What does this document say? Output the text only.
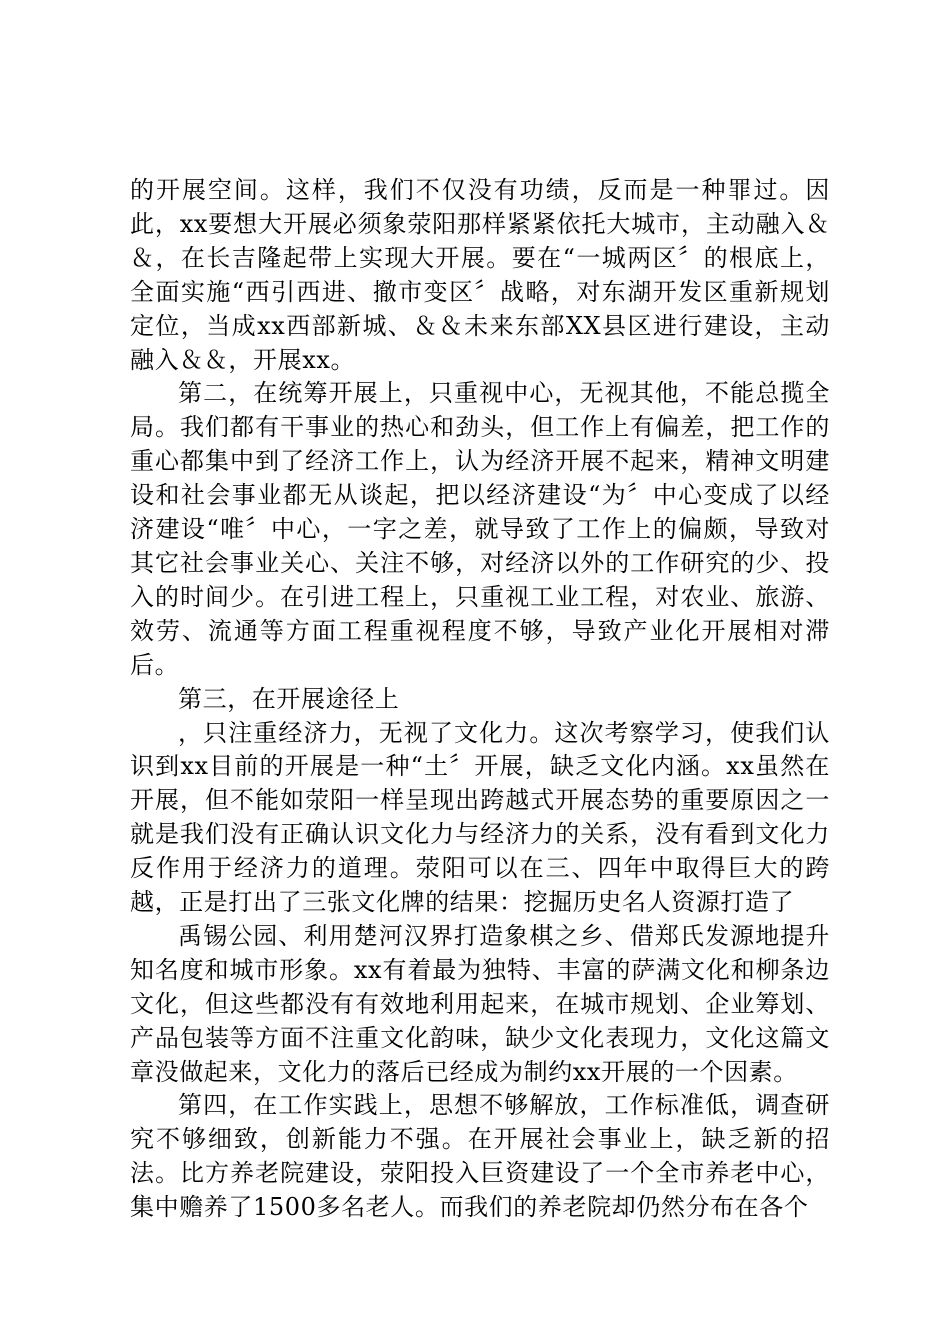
的开展空间。这样，我们不仅没有功绩，反而是一种罪过。因此，xx要想大开展必须象荥阳那样紧紧依托大城市，主动融入＆＆，在长吉隆起带上实现大开展。要在“一城两区〞的根底上，全面实施“西引西进、撤市变区〞战略，对东湖开发区重新规划定位，当成xx西部新城、＆＆未来东部XX县区进行建设，主动融入＆＆，开展xx。

第二，在统筹开展上，只重视中心，无视其他，不能总揽全局。我们都有干事业的热心和劲头，但工作上有偏差，把工作的重心都集中到了经济工作上，认为经济开展不起来，精神文明建设和社会事业都无从谈起，把以经济建设“为〞中心变成了以经济建设“唯〞中心，一字之差，就导致了工作上的偏颇，导致对其它社会事业关心、关注不够，对经济以外的工作研究的少、投入的时间少。在引进工程上，只重视工业工程，对农业、旅游、效劳、流通等方面工程重视程度不够，导致产业化开展相对滞后。

第三，在开展途径上

，只注重经济力，无视了文化力。这次考察学习，使我们认识到xx目前的开展是一种“土〞开展，缺乏文化内涵。xx虽然在开展，但不能如荥阳一样呈现出跨越式开展态势的重要原因之一就是我们没有正确认识文化力与经济力的关系，没有看到文化力反作用于经济力的道理。荥阳可以在三、四年中取得巨大的跨越，正是打出了三张文化牌的结果：挖掘历史名人资源打造了

禹锡公园、利用楚河汉界打造象棋之乡、借郑氏发源地提升知名度和城市形象。xx有着最为独特、丰富的萨满文化和柳条边文化，但这些都没有有效地利用起来，在城市规划、企业筹划、产品包装等方面不注重文化韵味，缺少文化表现力，文化这篇文章没做起来，文化力的落后已经成为制约xx开展的一个因素。

第四，在工作实践上，思想不够解放，工作标准低，调查研究不够细致，创新能力不强。在开展社会事业上，缺乏新的招法。比方养老院建设，荥阳投入巨资建设了一个全市养老中心，集中赡养了1500多名老人。而我们的养老院却仍然分布在各个
